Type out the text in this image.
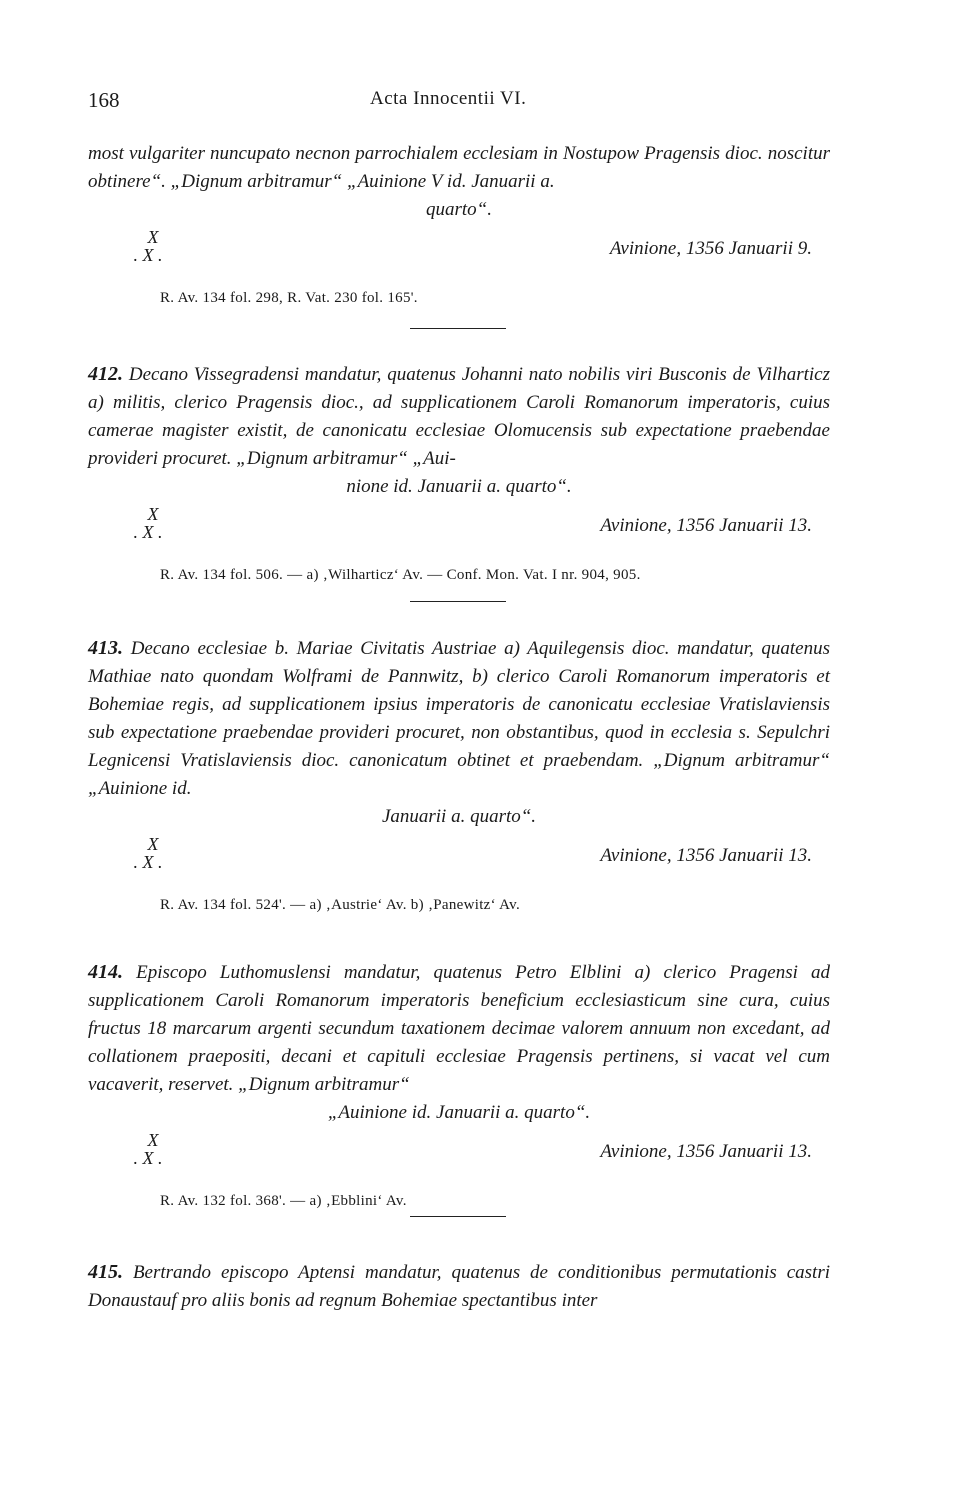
168	Acta Innocentii VI.

most vulgariter nuncupato necnon parrochialem ecclesiam in Nostupow Pragensis dioc. noscitur obtinere“. „Dignum arbitramur“ „Auinione V id. Januarii a.

quarto“.

X
. X .	Avinione, 1356 Januarii 9.
R. Av. 134 fol. 298, R. Vat. 230 fol. 165'.

412. Decano Vissegradensi mandatur, quatenus Johanni nato nobilis viri Busconis de Vilharticz a) militis, clerico Pragensis dioc., ad supplicationem Caroli Romanorum imperatoris, cuius camerae magister existit, de canonicatu ecclesiae Olomucensis sub expectatione praebendae provideri procuret. „Dignum arbitramur“ „Aui-

nione id. Januarii a. quarto“.

X
. X .	Avinione, 1356 Januarii 13.
R. Av. 134 fol. 506. — a) ‚Wilharticz‘ Av. — Conf. Mon. Vat. I nr. 904, 905.

413. Decano ecclesiae b. Mariae Civitatis Austriae a) Aquilegensis dioc. mandatur, quatenus Mathiae nato quondam Wolframi de Pannwitz, b) clerico Caroli Romanorum imperatoris et Bohemiae regis, ad supplicationem ipsius imperatoris de canonicatu ecclesiae Vratislaviensis sub expectatione praebendae provideri procuret, non obstantibus, quod in ecclesia s. Sepulchri Legnicensi Vratislaviensis dioc. canonicatum obtinet et praebendam. „Dignum arbitramur“ „Auinione id.

Januarii a. quarto“.

X
. X .	Avinione, 1356 Januarii 13.
R. Av. 134 fol. 524'. — a) ‚Austrie‘ Av. b) ‚Panewitz‘ Av.

414. Episcopo Luthomuslensi mandatur, quatenus Petro Elblini a) clerico Pragensi ad supplicationem Caroli Romanorum imperatoris beneficium ecclesiasticum sine cura, cuius fructus 18 marcarum argenti secundum taxationem decimae valorem annuum non excedant, ad collationem praepositi, decani et capituli ecclesiae Pragensis pertinens, si vacat vel cum vacaverit, reservet. „Dignum arbitramur“

„Auinione id. Januarii a. quarto“.

X
. X .	Avinione, 1356 Januarii 13.
R. Av. 132 fol. 368'. — a) ‚Ebblini‘ Av.

415. Bertrando episcopo Aptensi mandatur, quatenus de conditionibus permutationis castri Donaustauf pro aliis bonis ad regnum Bohemiae spectantibus inter
